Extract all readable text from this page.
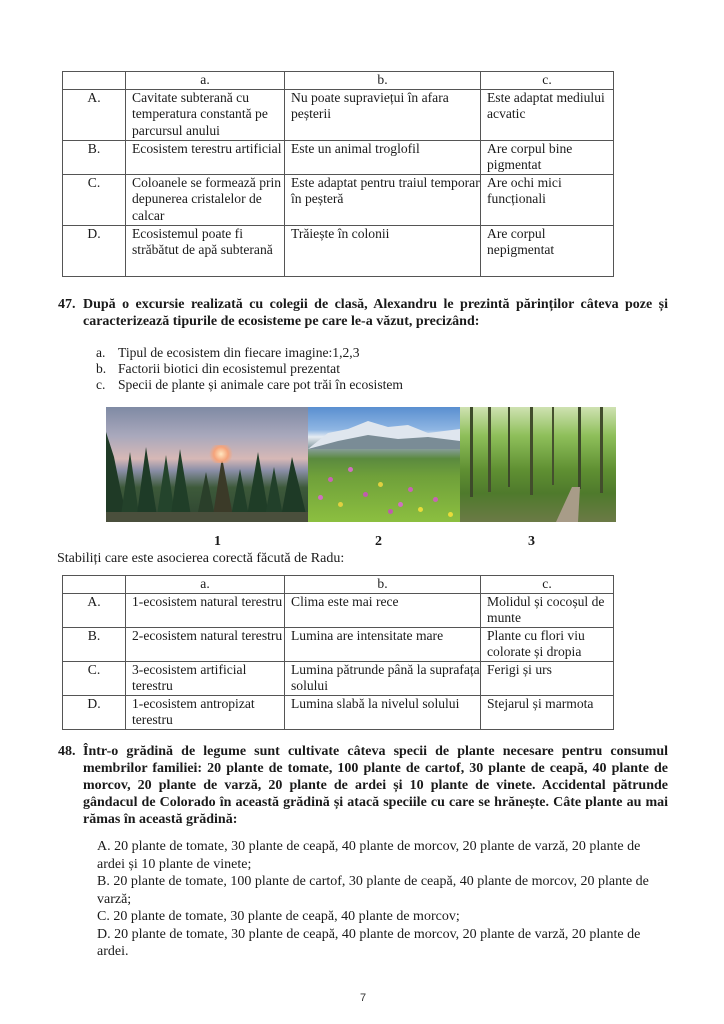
	a.	b.	c.
A.	Cavitate subterană cu temperatura constantă pe parcursul anului	Nu poate supraviețui în afara peșterii	Este adaptat mediului acvatic
B.	Ecosistem terestru artificial	Este un animal troglofil	Are corpul bine pigmentat
C.	Coloanele se formează prin depunerea cristalelor de calcar	Este adaptat pentru traiul temporar în peșteră	Are ochi mici funcționali
D.	Ecosistemul poate fi străbătut de apă subterană	Trăiește în colonii	Are corpul nepigmentat
47. După o excursie realizată cu colegii de clasă, Alexandru le prezintă părinților câteva poze și caracterizează tipurile de ecosisteme pe care le-a văzut, precizând:
a. Tipul de ecosistem din fiecare imagine:1,2,3
b. Factorii biotici din ecosistemul prezentat
c. Specii de plante și animale care pot trăi în ecosistem
1	2	3
Stabiliți care este asocierea corectă făcută de Radu:
	a.	b.	c.
A.	1-ecosistem natural terestru	Clima este mai rece	Molidul și cocoșul de munte
B.	2-ecosistem natural terestru	Lumina are intensitate mare	Plante cu flori viu colorate și dropia
C.	3-ecosistem artificial terestru	Lumina pătrunde până la suprafața solului	Ferigi și urs
D.	1-ecosistem antropizat terestru	Lumina slabă la nivelul solului	Stejarul și marmota
48. Într-o grădină de legume sunt cultivate câteva specii de plante necesare pentru consumul membrilor familiei: 20 plante de tomate, 100 plante de cartof, 30 plante de ceapă, 40 plante de morcov, 20 plante de varză, 20 plante de ardei și 10 plante de vinete. Accidental pătrunde gândacul de Colorado în această grădină și atacă speciile cu care se hrănește. Câte plante au mai rămas în această grădină:
A. 20 plante de tomate, 30 plante de ceapă, 40 plante de morcov, 20 plante de varză, 20 plante de ardei și 10 plante de vinete;
B. 20 plante de tomate, 100 plante de cartof, 30 plante de ceapă, 40 plante de morcov, 20 plante de varză;
C. 20 plante de tomate, 30 plante de ceapă, 40 plante de morcov;
D. 20 plante de tomate, 30 plante de ceapă, 40 plante de morcov, 20 plante de varză, 20 plante de ardei.
7
